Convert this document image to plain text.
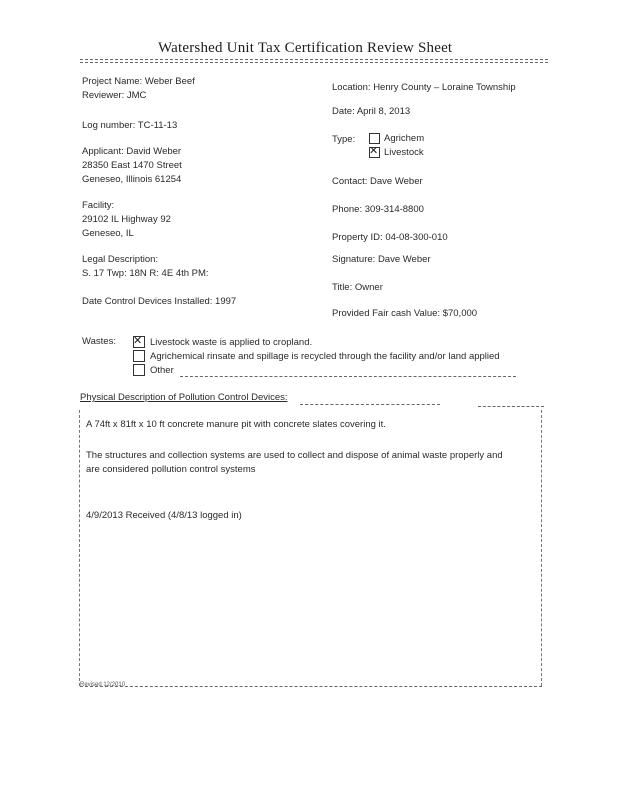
Watershed Unit Tax Certification Review Sheet
Project Name: Weber Beef
Reviewer: JMC
Log number: TC-11-13
Applicant: David Weber
28350 East 1470 Street
Geneseo, Illinois 61254
Facility:
29102 IL Highway 92
Geneseo, IL
Legal Description:
S. 17 Twp: 18N R: 4E 4th PM:
Date Control Devices Installed: 1997
Location: Henry County – Loraine Township
Date: April 8, 2013
Type:	Agrichem
✕ Livestock
Contact: Dave Weber
Phone: 309-314-8800
Property ID: 04-08-300-010
Signature: Dave Weber
Title: Owner
Provided Fair cash Value: $70,000
Wastes: ✕ Livestock waste is applied to cropland.
Agrichemical rinsate and spillage is recycled through the facility and/or land applied
Other
Physical Description of Pollution Control Devices:
A 74ft x 81ft x 10 ft concrete manure pit with concrete slates covering it.
The structures and collection systems are used to collect and dispose of animal waste properly and
are considered pollution control systems
4/9/2013 Received (4/8/13 logged in)
Revised 12/2010
